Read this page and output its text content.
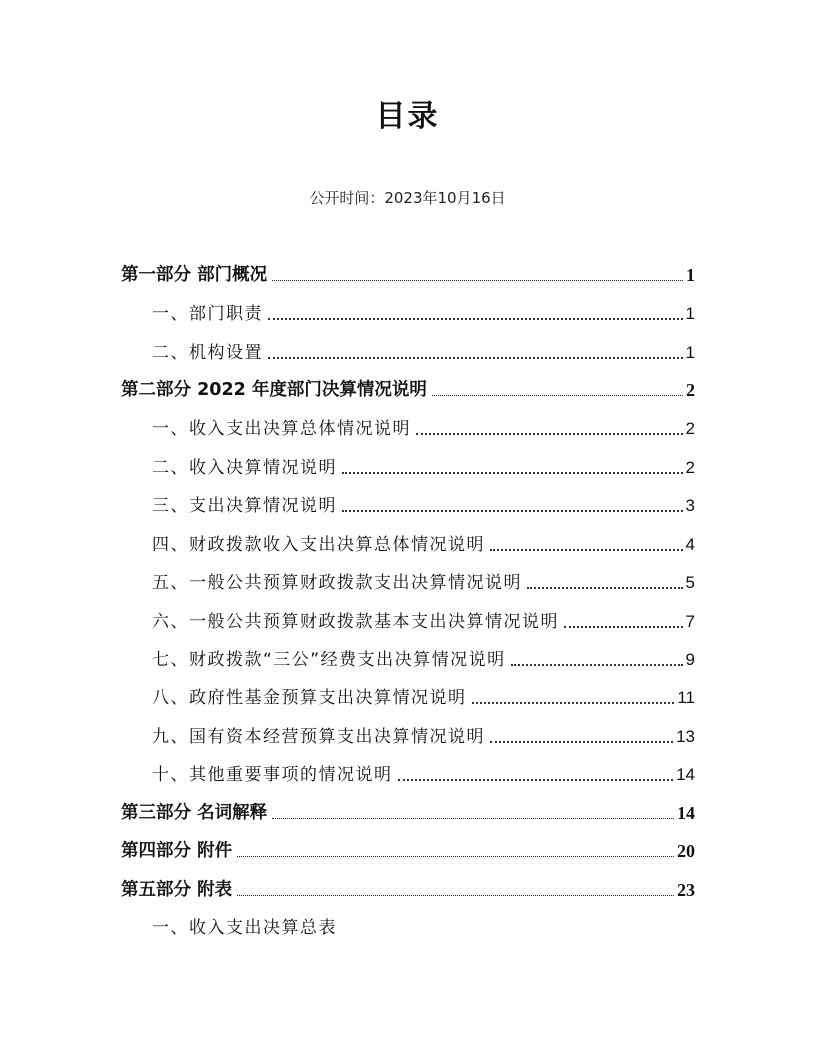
目录
公开时间：2023年10月16日
第一部分 部门概况	1
一、部门职责	1
二、机构设置	1
第二部分 2022 年度部门决算情况说明	2
一、收入支出决算总体情况说明	2
二、收入决算情况说明	2
三、支出决算情况说明	3
四、财政拨款收入支出决算总体情况说明	4
五、一般公共预算财政拨款支出决算情况说明	5
六、一般公共预算财政拨款基本支出决算情况说明	7
七、财政拨款“三公”经费支出决算情况说明	9
八、政府性基金预算支出决算情况说明	11
九、国有资本经营预算支出决算情况说明	13
十、其他重要事项的情况说明	14
第三部分 名词解释	14
第四部分 附件	20
第五部分 附表	23
一、收入支出决算总表
